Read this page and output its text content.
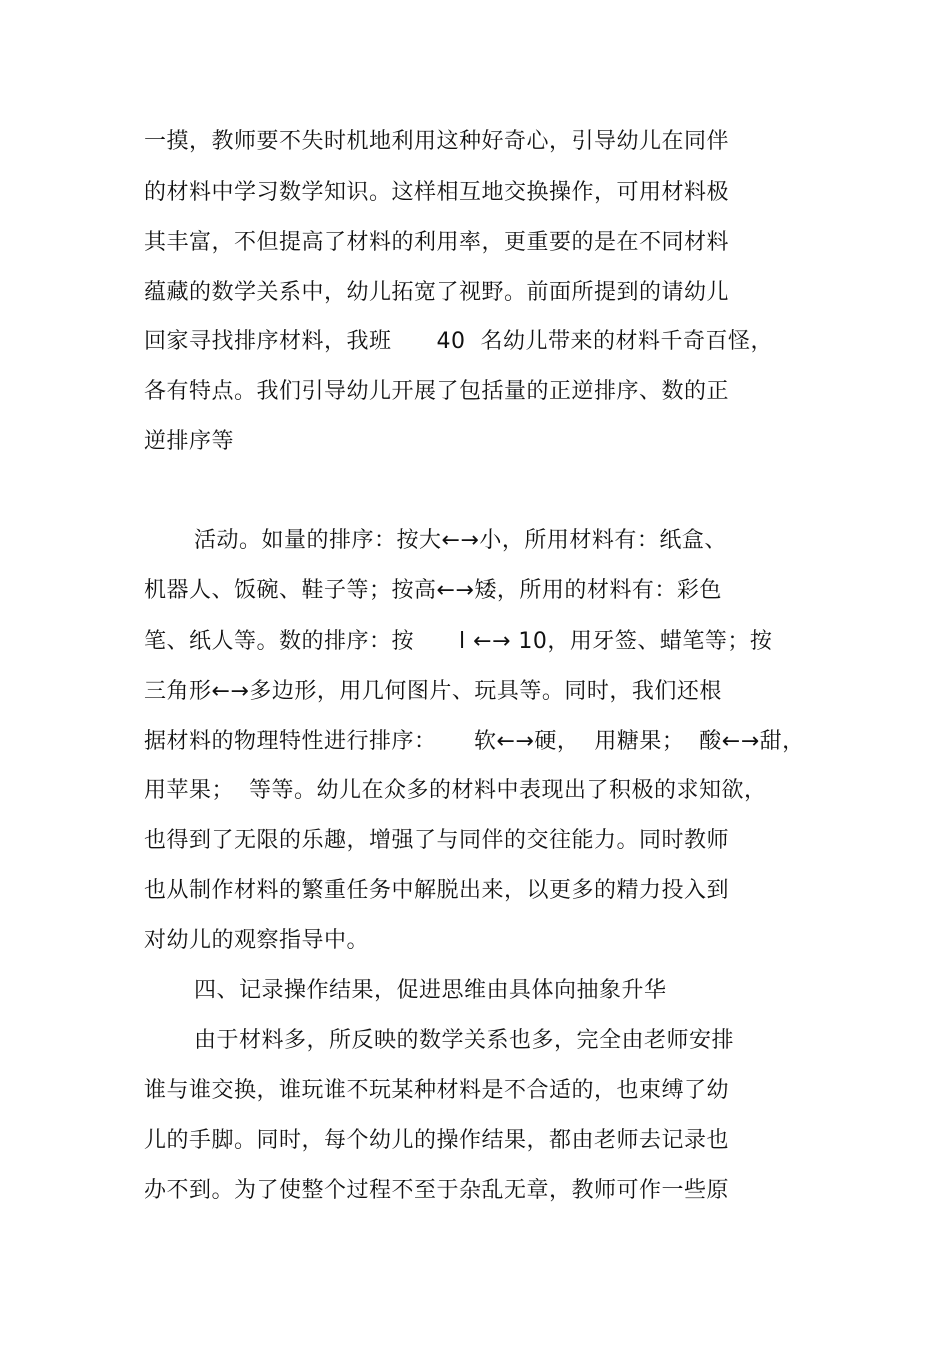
一摸，教师要不失时机地利用这种好奇心，引导幼儿在同伴
的材料中学习数学知识。这样相互地交换操作，可用材料极
其丰富，不但提高了材料的利用率，更重要的是在不同材料
蕴藏的数学关系中，幼儿拓宽了视野。前面所提到的请幼儿
回家寻找排序材料，我班      40  名幼儿带来的材料千奇百怪，
各有特点。我们引导幼儿开展了包括量的正逆排序、数的正
逆排序等
活动。如量的排序：按大←→小，所用材料有：纸盒、
机器人、饭碗、鞋子等；按高←→矮，所用的材料有：彩色
笔、纸人等。数的排序：按      l ←→ 10，用牙签、蜡笔等；按
三角形←→多边形，用几何图片、玩具等。同时，我们还根
据材料的物理特性进行排序：     软←→硬，  用糖果；  酸←→甜，
用苹果；  等等。幼儿在众多的材料中表现出了积极的求知欲，
也得到了无限的乐趣，增强了与同伴的交往能力。同时教师
也从制作材料的繁重任务中解脱出来，以更多的精力投入到
对幼儿的观察指导中。
四、记录操作结果，促进思维由具体向抽象升华
由于材料多，所反映的数学关系也多，完全由老师安排
谁与谁交换，谁玩谁不玩某种材料是不合适的，也束缚了幼
儿的手脚。同时，每个幼儿的操作结果，都由老师去记录也
办不到。为了使整个过程不至于杂乱无章，教师可作一些原
